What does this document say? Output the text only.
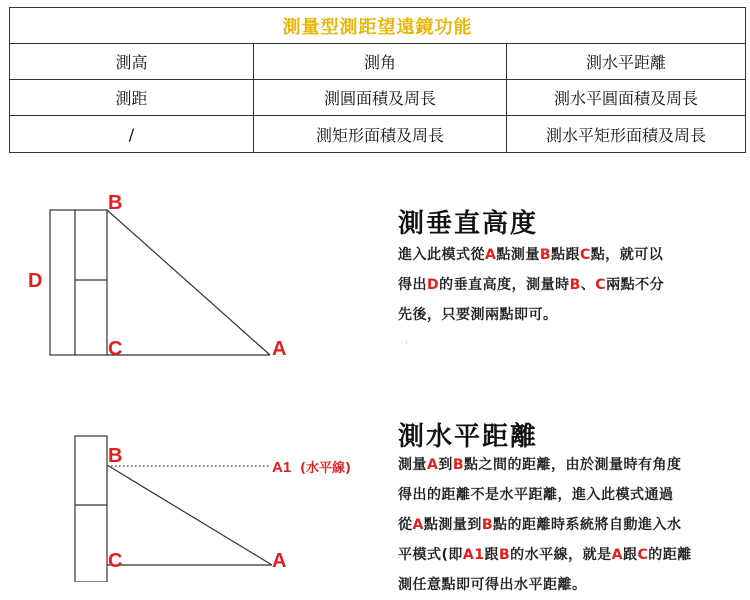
測量型測距望遠鏡功能
測高	測角	測水平距離
測距	測圓面積及周長	測水平圓面積及周長
/	測矩形面積及周長	測水平矩形面積及周長
B
C	A
D
測垂直高度
進入此模式從A點測量B點跟C點，就可以
得出D的垂直高度，測量時B、C兩點不分
先後，只要測兩點即可。
'
B
C	A
A1 (水平線)
測水平距離
測量A到B點之間的距離，由於測量時有角度
得出的距離不是水平距離，進入此模式通過
從A點測量到B點的距離時系統將自動進入水
平模式(即A1跟B的水平線，就是A跟C的距離
測任意點即可得出水平距離。
